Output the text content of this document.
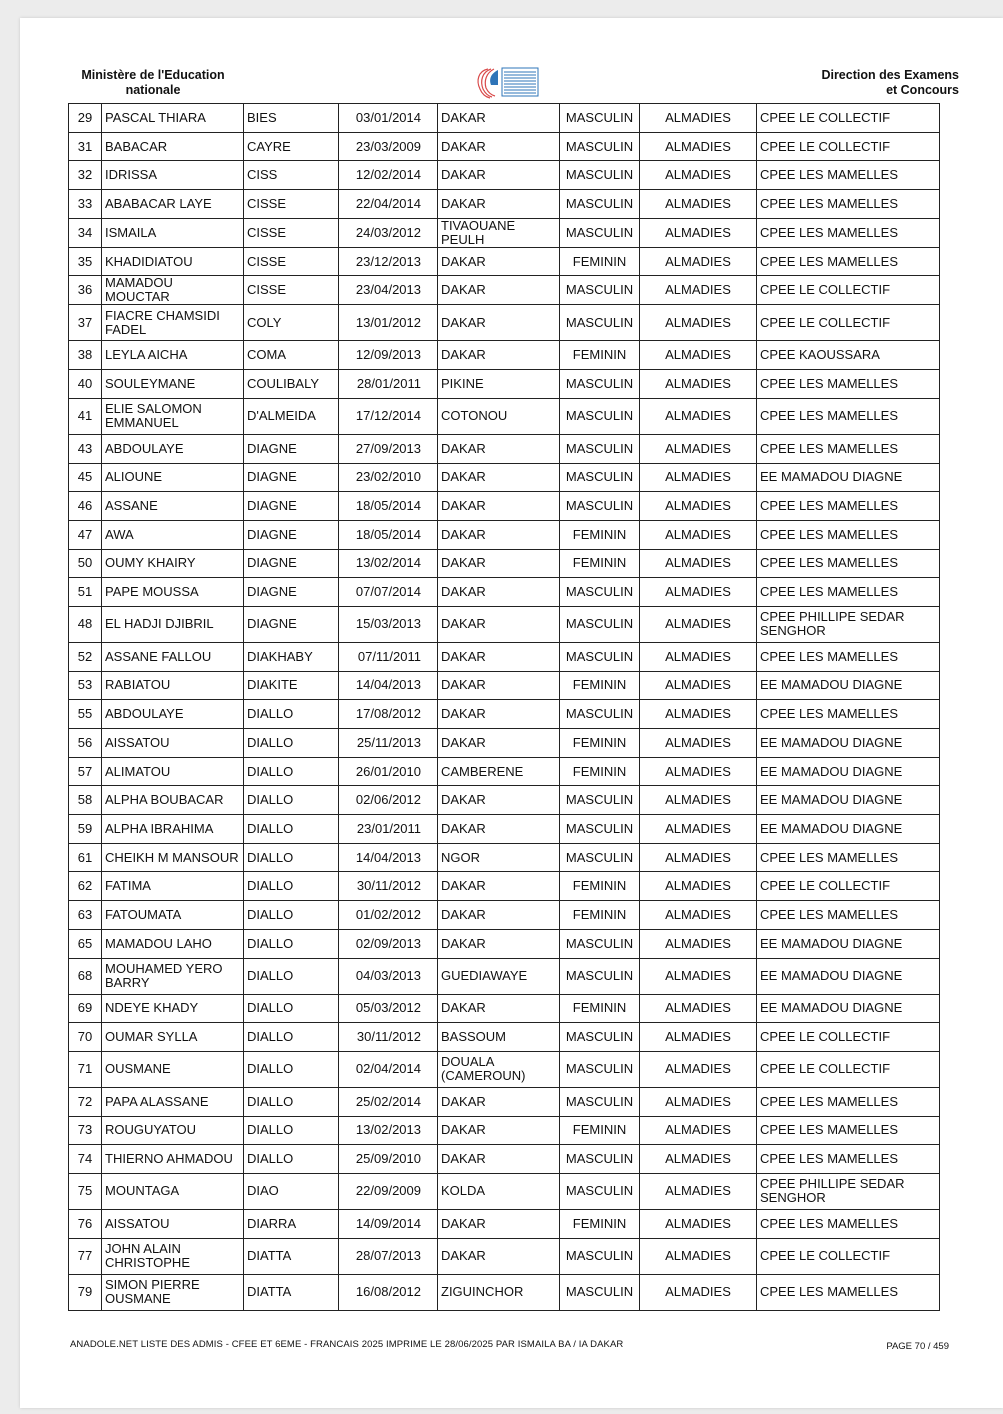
Ministère de l'Education nationale
Direction des Examens
et Concours
29	PASCAL THIARA	BIES	03/01/2014	DAKAR	MASCULIN	ALMADIES	CPEE LE COLLECTIF
31	BABACAR	CAYRE	23/03/2009	DAKAR	MASCULIN	ALMADIES	CPEE LE COLLECTIF
32	IDRISSA	CISS	12/02/2014	DAKAR	MASCULIN	ALMADIES	CPEE LES MAMELLES
33	ABABACAR LAYE	CISSE	22/04/2014	DAKAR	MASCULIN	ALMADIES	CPEE LES MAMELLES
34	ISMAILA	CISSE	24/03/2012	TIVAOUANE PEULH	MASCULIN	ALMADIES	CPEE LES MAMELLES
35	KHADIDIATOU	CISSE	23/12/2013	DAKAR	FEMININ	ALMADIES	CPEE LES MAMELLES
36	MAMADOU MOUCTAR	CISSE	23/04/2013	DAKAR	MASCULIN	ALMADIES	CPEE LE COLLECTIF
37	FIACRE CHAMSIDI FADEL	COLY	13/01/2012	DAKAR	MASCULIN	ALMADIES	CPEE LE COLLECTIF
38	LEYLA AICHA	COMA	12/09/2013	DAKAR	FEMININ	ALMADIES	CPEE KAOUSSARA
40	SOULEYMANE	COULIBALY	28/01/2011	PIKINE	MASCULIN	ALMADIES	CPEE LES MAMELLES
41	ELIE SALOMON EMMANUEL	D'ALMEIDA	17/12/2014	COTONOU	MASCULIN	ALMADIES	CPEE LES MAMELLES
43	ABDOULAYE	DIAGNE	27/09/2013	DAKAR	MASCULIN	ALMADIES	CPEE LES MAMELLES
45	ALIOUNE	DIAGNE	23/02/2010	DAKAR	MASCULIN	ALMADIES	EE MAMADOU DIAGNE
46	ASSANE	DIAGNE	18/05/2014	DAKAR	MASCULIN	ALMADIES	CPEE LES MAMELLES
47	AWA	DIAGNE	18/05/2014	DAKAR	FEMININ	ALMADIES	CPEE LES MAMELLES
50	OUMY KHAIRY	DIAGNE	13/02/2014	DAKAR	FEMININ	ALMADIES	CPEE LES MAMELLES
51	PAPE MOUSSA	DIAGNE	07/07/2014	DAKAR	MASCULIN	ALMADIES	CPEE LES MAMELLES
48	EL HADJI DJIBRIL	DIAGNE	15/03/2013	DAKAR	MASCULIN	ALMADIES	CPEE PHILLIPE SEDAR SENGHOR
52	ASSANE FALLOU	DIAKHABY	07/11/2011	DAKAR	MASCULIN	ALMADIES	CPEE LES MAMELLES
53	RABIATOU	DIAKITE	14/04/2013	DAKAR	FEMININ	ALMADIES	EE MAMADOU DIAGNE
55	ABDOULAYE	DIALLO	17/08/2012	DAKAR	MASCULIN	ALMADIES	CPEE LES MAMELLES
56	AISSATOU	DIALLO	25/11/2013	DAKAR	FEMININ	ALMADIES	EE MAMADOU DIAGNE
57	ALIMATOU	DIALLO	26/01/2010	CAMBERENE	FEMININ	ALMADIES	EE MAMADOU DIAGNE
58	ALPHA BOUBACAR	DIALLO	02/06/2012	DAKAR	MASCULIN	ALMADIES	EE MAMADOU DIAGNE
59	ALPHA IBRAHIMA	DIALLO	23/01/2011	DAKAR	MASCULIN	ALMADIES	EE MAMADOU DIAGNE
61	CHEIKH M MANSOUR	DIALLO	14/04/2013	NGOR	MASCULIN	ALMADIES	CPEE LES MAMELLES
62	FATIMA	DIALLO	30/11/2012	DAKAR	FEMININ	ALMADIES	CPEE LE COLLECTIF
63	FATOUMATA	DIALLO	01/02/2012	DAKAR	FEMININ	ALMADIES	CPEE LES MAMELLES
65	MAMADOU LAHO	DIALLO	02/09/2013	DAKAR	MASCULIN	ALMADIES	EE MAMADOU DIAGNE
68	MOUHAMED YERO BARRY	DIALLO	04/03/2013	GUEDIAWAYE	MASCULIN	ALMADIES	EE MAMADOU DIAGNE
69	NDEYE KHADY	DIALLO	05/03/2012	DAKAR	FEMININ	ALMADIES	EE MAMADOU DIAGNE
70	OUMAR SYLLA	DIALLO	30/11/2012	BASSOUM	MASCULIN	ALMADIES	CPEE LE COLLECTIF
71	OUSMANE	DIALLO	02/04/2014	DOUALA (CAMEROUN)	MASCULIN	ALMADIES	CPEE LE COLLECTIF
72	PAPA ALASSANE	DIALLO	25/02/2014	DAKAR	MASCULIN	ALMADIES	CPEE LES MAMELLES
73	ROUGUYATOU	DIALLO	13/02/2013	DAKAR	FEMININ	ALMADIES	CPEE LES MAMELLES
74	THIERNO AHMADOU	DIALLO	25/09/2010	DAKAR	MASCULIN	ALMADIES	CPEE LES MAMELLES
75	MOUNTAGA	DIAO	22/09/2009	KOLDA	MASCULIN	ALMADIES	CPEE PHILLIPE SEDAR SENGHOR
76	AISSATOU	DIARRA	14/09/2014	DAKAR	FEMININ	ALMADIES	CPEE LES MAMELLES
77	JOHN ALAIN CHRISTOPHE	DIATTA	28/07/2013	DAKAR	MASCULIN	ALMADIES	CPEE LE COLLECTIF
79	SIMON PIERRE OUSMANE	DIATTA	16/08/2012	ZIGUINCHOR	MASCULIN	ALMADIES	CPEE LES MAMELLES
ANADOLE.NET LISTE DES ADMIS - CFEE ET 6EME - FRANCAIS 2025 IMPRIME LE 28/06/2025 PAR ISMAILA BA / IA DAKAR	PAGE 70 / 459
